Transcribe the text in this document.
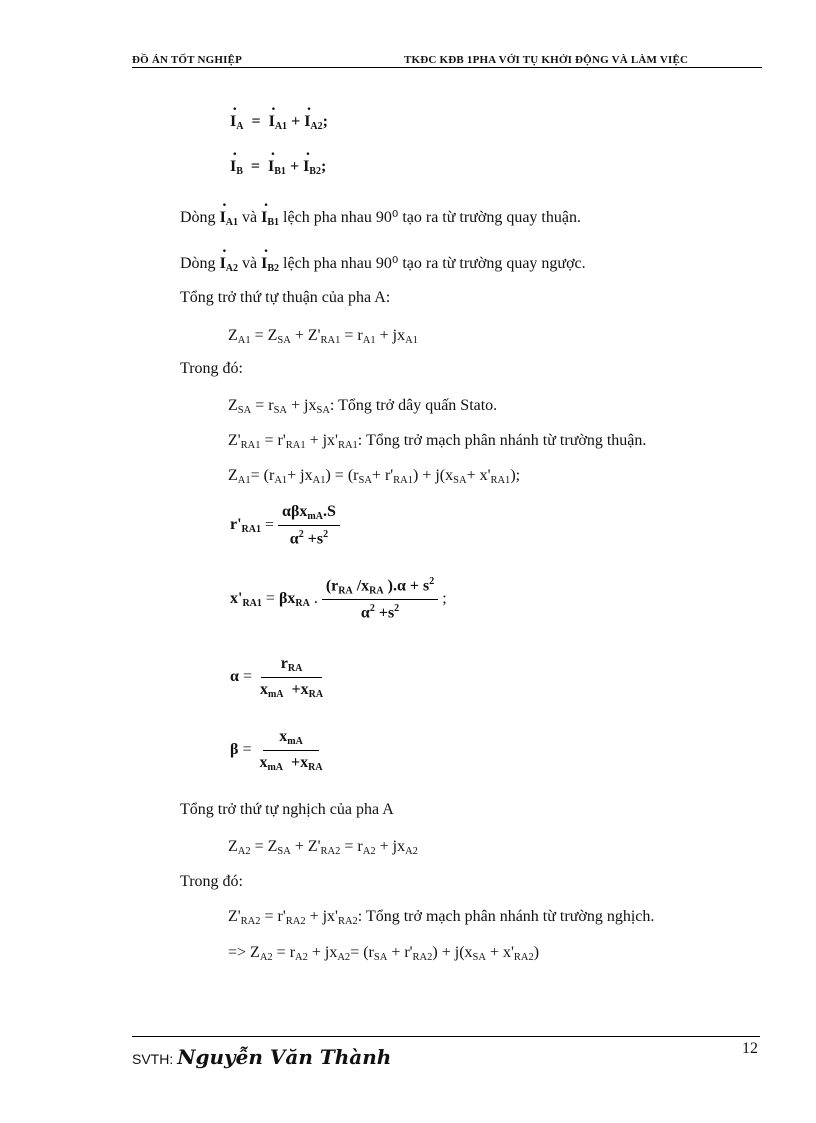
ĐỒ ÁN TỐT NGHIỆP	TKĐC KĐB 1PHA VỚI TỤ KHỞI ĐỘNG VÀ LÀM VIỆC
· $I_A$  =  · $I_{A1}$ + · $I_{A2}$;
· $I_B$  =  · $I_{B1}$ + · $I_{B2}$;
Dòng · $I_{A1}$ và · $I_{B1}$ lệch pha nhau 90⁰ tạo ra từ trường quay thuận.
Dòng · $I_{A2}$ và · $I_{B2}$ lệch pha nhau 90⁰ tạo ra từ trường quay ngược.
Tổng trở thứ tự thuận của pha A:
$Z_{A1} = Z_{SA} + Z'_{RA1} = r_{A1} + jx_{A1}$
Trong đó:
$Z_{SA} = r_{SA} + jx_{SA}$: Tổng trở dây quấn Stato.
$Z'_{RA1} = r'_{RA1} + jx'_{RA1}$: Tổng trở mạch phân nhánh từ trường thuận.
$Z_{A1}= (r_{A1}+ jx_{A1}) = (r_{SA}+ r'_{RA1}) + j(x_{SA}+ x'_{RA1})$;
$r'_{RA1} = \frac{\alpha\beta x_{mA}.S}{\alpha^2 +s^2}$
$x'_{RA1} = \beta x_{RA}$ . $\frac{(r_{RA} /x_{RA} ).\alpha + s^2}{\alpha^2 +s^2}$ ;
$\alpha = \frac{r_{RA}}{x_{mA} +x_{RA}}$
$\beta = \frac{x_{mA}}{x_{mA} +x_{RA}}$
Tổng trở thứ tự nghịch của pha A
$Z_{A2} = Z_{SA} + Z'_{RA2} = r_{A2} + jx_{A2}$
Trong đó:
$Z'_{RA2} = r'_{RA2} + jx'_{RA2}$: Tổng trở mạch phân nhánh từ trường nghịch.
=> $Z_{A2} = r_{A2} + jx_{A2}= (r_{SA} + r'_{RA2}) + j(x_{SA} + x'_{RA2})$
SVTH: Nguyễn Văn Thành	12
